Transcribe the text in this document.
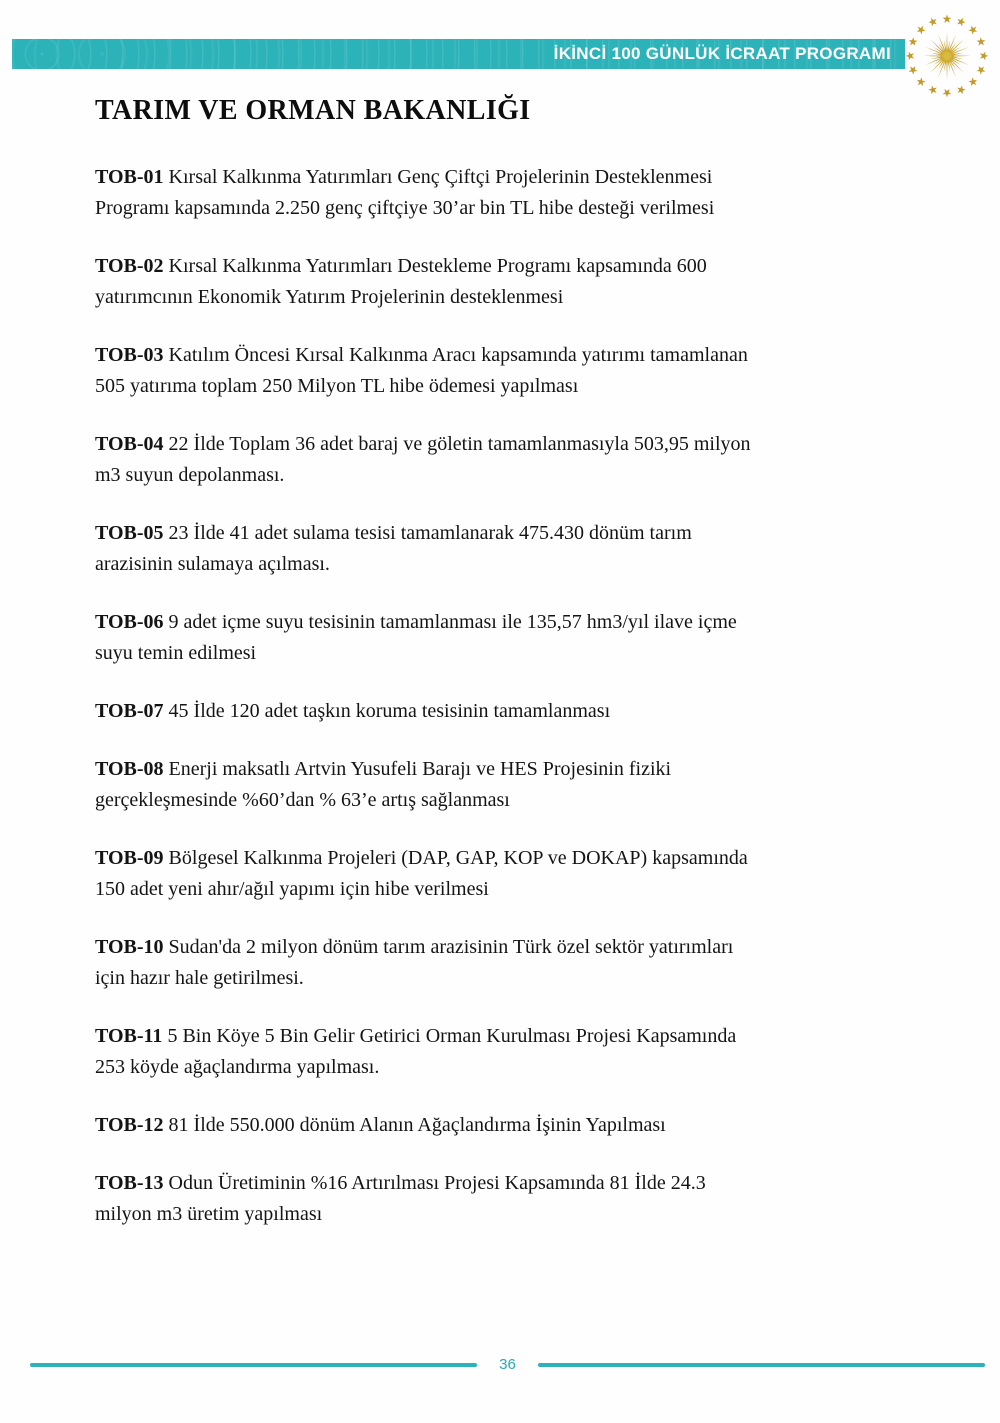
İKİNCİ 100 GÜNLÜK İCRAAT PROGRAMI
TARIM VE ORMAN BAKANLIĞI

TOB-01 Kırsal Kalkınma Yatırımları Genç Çiftçi Projelerinin Desteklenmesi
Programı kapsamında 2.250 genç çiftçiye 30’ar bin TL hibe desteği verilmesi

TOB-02 Kırsal Kalkınma Yatırımları Destekleme Programı kapsamında 600
yatırımcının Ekonomik Yatırım Projelerinin desteklenmesi

TOB-03 Katılım Öncesi Kırsal Kalkınma Aracı kapsamında yatırımı tamamlanan
505 yatırıma toplam 250 Milyon TL hibe ödemesi yapılması

TOB-04 22 İlde Toplam 36 adet baraj ve göletin tamamlanmasıyla 503,95 milyon
m3 suyun depolanması.

TOB-05 23 İlde 41 adet sulama tesisi tamamlanarak 475.430 dönüm tarım
arazisinin sulamaya açılması.

TOB-06 9 adet içme suyu tesisinin tamamlanması ile 135,57 hm3/yıl ilave içme
suyu temin edilmesi

TOB-07 45 İlde 120 adet taşkın koruma tesisinin tamamlanması

TOB-08 Enerji maksatlı Artvin Yusufeli Barajı ve HES Projesinin fiziki
gerçekleşmesinde %60’dan % 63’e artış sağlanması

TOB-09 Bölgesel Kalkınma Projeleri (DAP, GAP, KOP ve DOKAP) kapsamında
150 adet yeni ahır/ağıl yapımı için hibe verilmesi

TOB-10 Sudan'da 2 milyon dönüm tarım arazisinin Türk özel sektör yatırımları
için hazır hale getirilmesi.

TOB-11 5 Bin Köye 5 Bin Gelir Getirici Orman Kurulması Projesi Kapsamında
253 köyde ağaçlandırma yapılması.

TOB-12 81 İlde 550.000 dönüm Alanın Ağaçlandırma İşinin Yapılması

TOB-13 Odun Üretiminin %16 Artırılması Projesi Kapsamında 81 İlde 24.3
milyon m3 üretim yapılması

36
